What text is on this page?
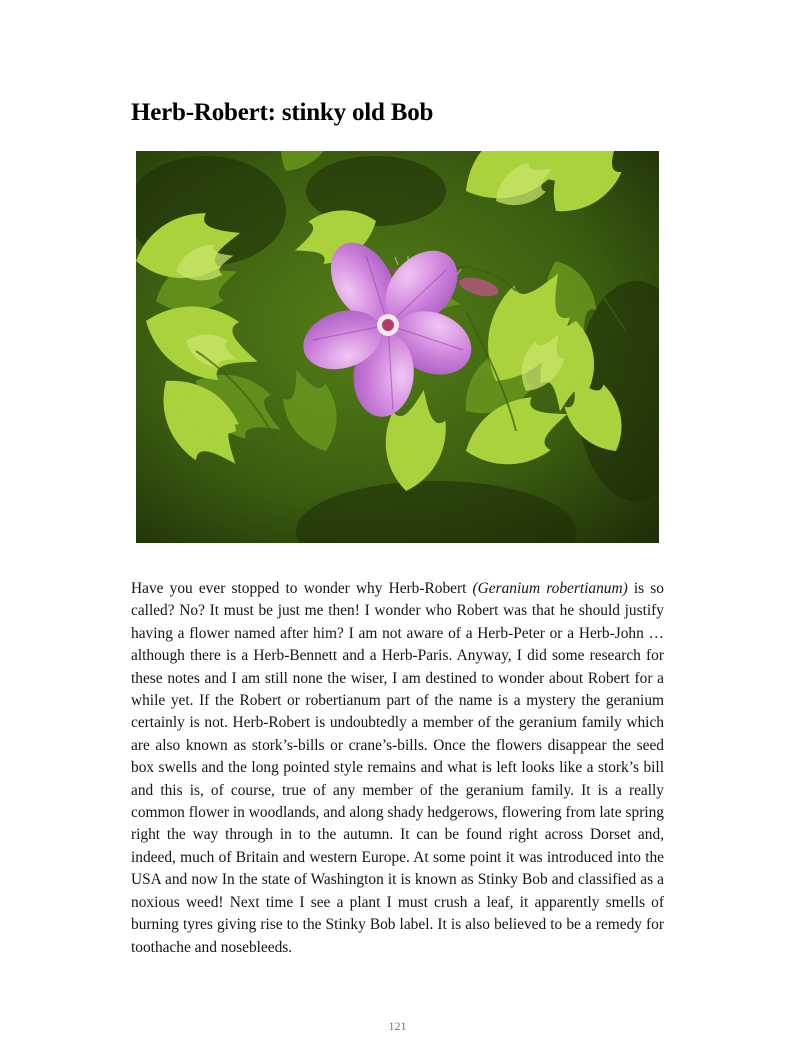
Herb-Robert: stinky old Bob

Have you ever stopped to wonder why Herb-Robert (Geranium robertianum) is so called? No? It must be just me then! I wonder who Robert was that he should justify having a flower named after him? I am not aware of a Herb-Peter or a Herb-John … although there is a Herb-Bennett and a Herb-Paris. Anyway, I did some research for these notes and I am still none the wiser, I am destined to wonder about Robert for a while yet. If the Robert or robertianum part of the name is a mystery the geranium certainly is not. Herb-Robert is undoubtedly a member of the geranium family which are also known as stork’s-bills or crane’s-bills. Once the flowers disappear the seed box swells and the long pointed style remains and what is left looks like a stork’s bill and this is, of course, true of any member of the geranium family. It is a really common flower in woodlands, and along shady hedgerows, flowering from late spring right the way through in to the autumn. It can be found right across Dorset and, indeed, much of Britain and western Europe. At some point it was introduced into the USA and now In the state of Washington it is known as Stinky Bob and classified as a noxious weed! Next time I see a plant I must crush a leaf, it apparently smells of burning tyres giving rise to the Stinky Bob label. It is also believed to be a remedy for toothache and nosebleeds.

121
